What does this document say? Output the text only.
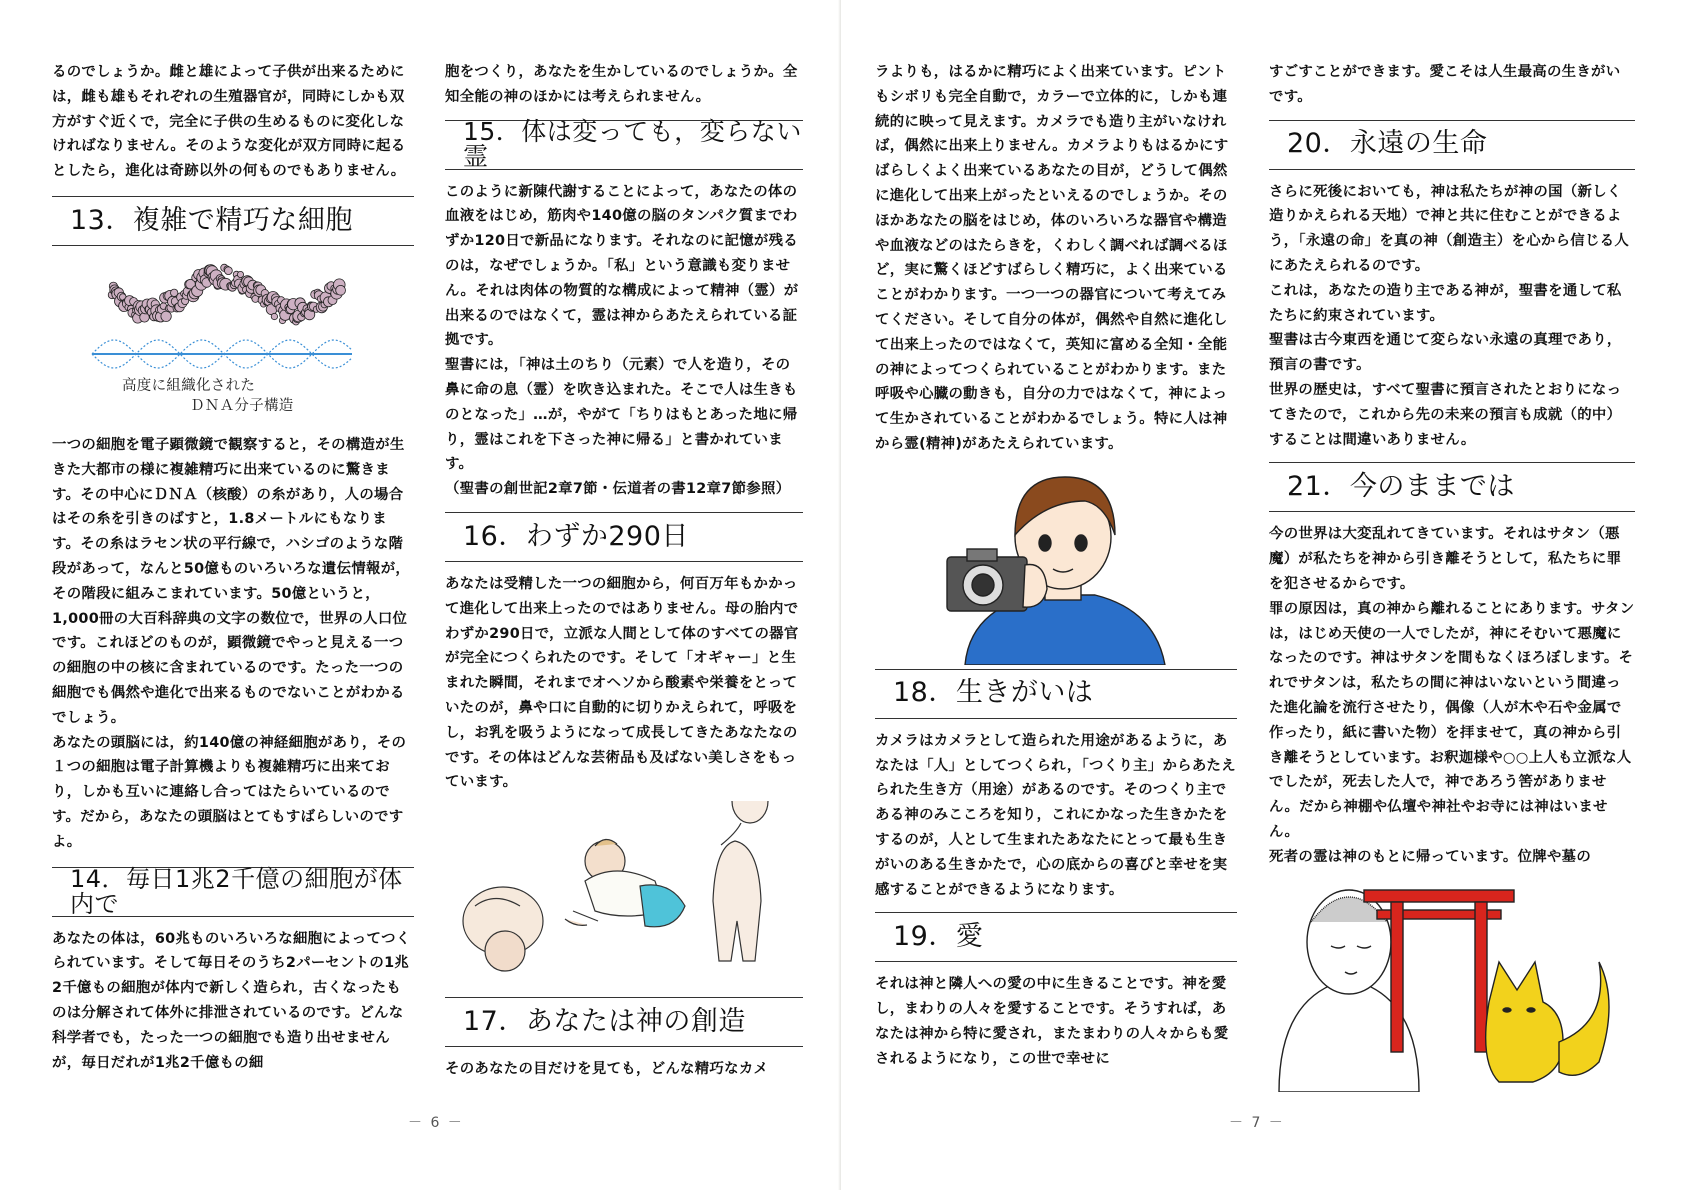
るのでしょうか。雌と雄によって子供が出来るためには，雌も雄もそれぞれの生殖器官が，同時にしかも双方がすぐ近くで，完全に子供の生めるものに変化しなければなりません。そのような変化が双方同時に起るとしたら，進化は奇跡以外の何ものでもありません。

13．複雑で精巧な細胞
高度に組織化された
ＤＮＡ分子構造

一つの細胞を電子顕微鏡で観察すると，その構造が生きた大都市の様に複雑精巧に出来ているのに驚きます。その中心にＤＮＡ（核酸）の糸があり，人の場合はその糸を引きのばすと，1.8メートルにもなります。その糸はラセン状の平行線で，ハシゴのような階段があって，なんと50億ものいろいろな遺伝情報が，その階段に組みこまれています。50億というと，1,000冊の大百科辞典の文字の数位で，世界の人口位です。これほどのものが，顕微鏡でやっと見える一つの細胞の中の核に含まれているのです。たった一つの細胞でも偶然や進化で出来るものでないことがわかるでしょう。

あなたの頭脳には，約140億の神経細胞があり，その１つの細胞は電子計算機よりも複雑精巧に出来ており，しかも互いに連絡し合ってはたらいているのです。だから，あなたの頭脳はとてもすばらしいのですよ。

14．毎日1兆2千億の細胞が体内で

あなたの体は，60兆ものいろいろな細胞によってつくられています。そして毎日そのうち2パーセントの1兆2千億もの細胞が体内で新しく造られ，古くなったものは分解されて体外に排泄されているのです。どんな科学者でも，たった一つの細胞でも造り出せませんが，毎日だれが1兆2千億もの細

胞をつくり，あなたを生かしているのでしょうか。全知全能の神のほかには考えられません。

15．体は変っても，変らない霊

このように新陳代謝することによって，あなたの体の血液をはじめ，筋肉や140億の脳のタンパク質までわずか120日で新品になります。それなのに記憶が残るのは，なぜでしょうか。「私」という意識も変りません。それは肉体の物質的な構成によって精神（霊）が出来るのではなくて，霊は神からあたえられている証拠です。

聖書には，「神は土のちり（元素）で人を造り，その鼻に命の息（霊）を吹き込まれた。そこで人は生きものとなった」…が，やがて「ちりはもとあった地に帰り，霊はこれを下さった神に帰る」と書かれています。

（聖書の創世記2章7節・伝道者の書12章7節参照）

16．わずか290日

あなたは受精した一つの細胞から，何百万年もかかって進化して出来上ったのではありません。母の胎内でわずか290日で，立派な人間として体のすべての器官が完全につくられたのです。そして「オギャー」と生まれた瞬間，それまでオヘソから酸素や栄養をとっていたのが，鼻や口に自動的に切りかえられて，呼吸をし，お乳を吸うようになって成長してきたあなたなのです。その体はどんな芸術品も及ばない美しさをもっています。

17．あなたは神の創造

そのあなたの目だけを見ても，どんな精巧なカメ

－ 6 －

ラよりも，はるかに精巧によく出来ています。ピントもシボリも完全自動で，カラーで立体的に，しかも連続的に映って見えます。カメラでも造り主がいなければ，偶然に出来上りません。カメラよりもはるかにすばらしくよく出来ているあなたの目が，どうして偶然に進化して出来上がったといえるのでしょうか。そのほかあなたの脳をはじめ，体のいろいろな器官や構造や血液などのはたらきを，くわしく調べれば調べるほど，実に驚くほどすばらしく精巧に，よく出来ていることがわかります。一つ一つの器官について考えてみてください。そして自分の体が，偶然や自然に進化して出来上ったのではなくて，英知に富める全知・全能の神によってつくられていることがわかります。また呼吸や心臓の動きも，自分の力ではなくて，神によって生かされていることがわかるでしょう。特に人は神から霊(精神)があたえられています。

18．生きがいは

カメラはカメラとして造られた用途があるように，あなたは「人」としてつくられ，「つくり主」からあたえられた生き方（用途）があるのです。そのつくり主である神のみこころを知り，これにかなった生きかたをするのが，人として生まれたあなたにとって最も生きがいのある生きかたで，心の底からの喜びと幸せを実感することができるようになります。

19．愛

それは神と隣人への愛の中に生きることです。神を愛し，まわりの人々を愛することです。そうすれば，あなたは神から特に愛され，またまわりの人々からも愛されるようになり，この世で幸せに

すごすことができます。愛こそは人生最高の生きがいです。

20．永遠の生命

さらに死後においても，神は私たちが神の国（新しく造りかえられる天地）で神と共に住むことができるよう，「永遠の命」を真の神（創造主）を心から信じる人にあたえられるのです。

これは，あなたの造り主である神が，聖書を通して私たちに約束されています。

聖書は古今東西を通じて変らない永遠の真理であり，預言の書です。

世界の歴史は，すべて聖書に預言されたとおりになってきたので，これから先の未来の預言も成就（的中）することは間違いありません。

21．今のままでは

今の世界は大変乱れてきています。それはサタン（悪魔）が私たちを神から引き離そうとして，私たちに罪を犯させるからです。

罪の原因は，真の神から離れることにあります。サタンは，はじめ天使の一人でしたが，神にそむいて悪魔になったのです。神はサタンを間もなくほろぼします。それでサタンは，私たちの間に神はいないという間違った進化論を流行させたり，偶像（人が木や石や金属で作ったり，紙に書いた物）を拝ませて，真の神から引き離そうとしています。お釈迦様や○○上人も立派な人でしたが，死去した人で，神であろう筈がありません。だから神棚や仏壇や神社やお寺には神はいません。

死者の霊は神のもとに帰っています。位牌や墓の

－ 7 －
